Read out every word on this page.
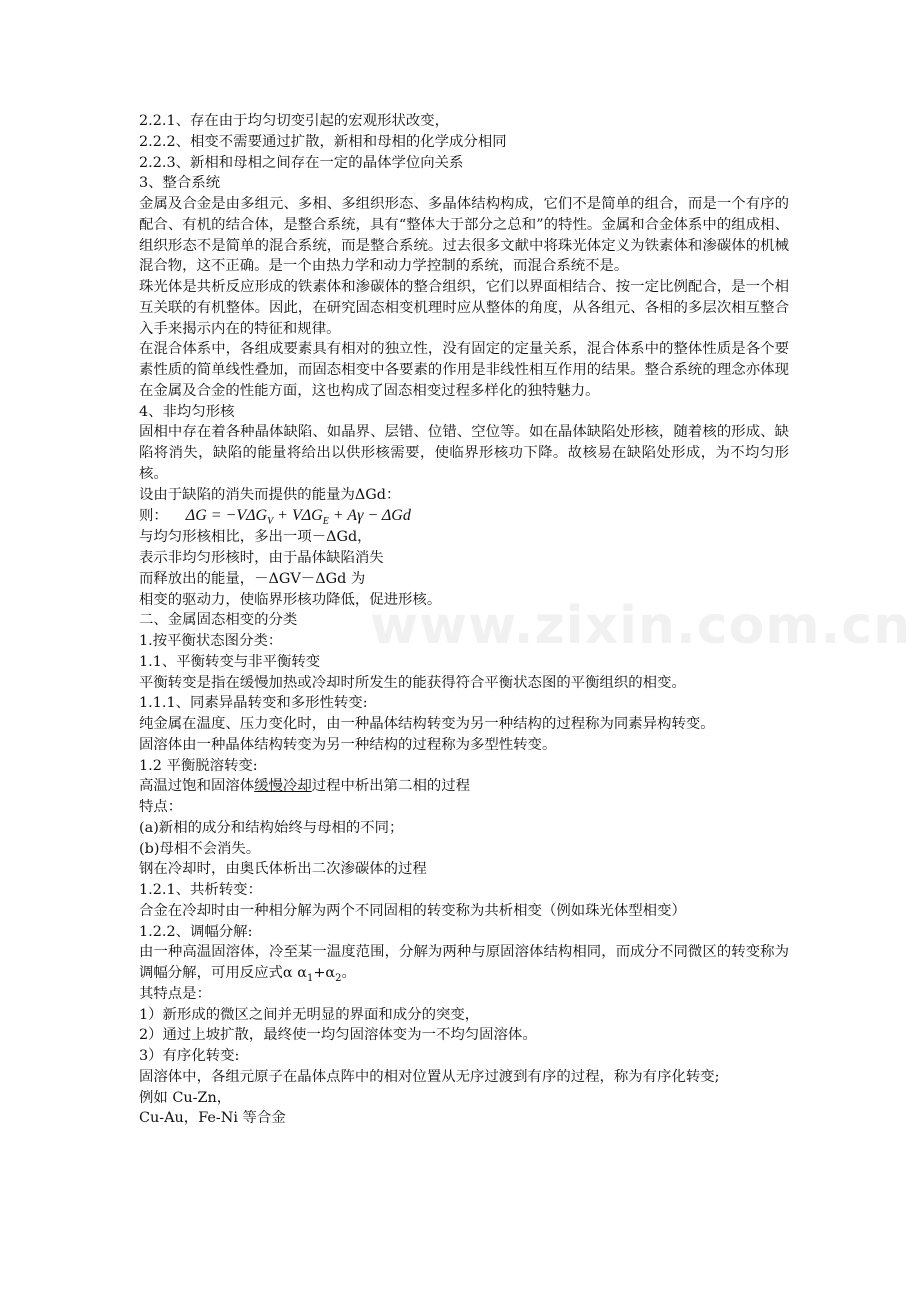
www.zixin.com.cn
2.2.1、存在由于均匀切变引起的宏观形状改变，
2.2.2、相变不需要通过扩散，新相和母相的化学成分相同
2.2.3、新相和母相之间存在一定的晶体学位向关系
3、整合系统
金属及合金是由多组元、多相、多组织形态、多晶体结构构成，它们不是简单的组合，而是一个有序的配合、有机的结合体，是整合系统，具有“整体大于部分之总和”的特性。金属和合金体系中的组成相、组织形态不是简单的混合系统，而是整合系统。过去很多文献中将珠光体定义为铁素体和渗碳体的机械混合物，这不正确。是一个由热力学和动力学控制的系统，而混合系统不是。
珠光体是共析反应形成的铁素体和渗碳体的整合组织，它们以界面相结合、按一定比例配合，是一个相互关联的有机整体。因此，在研究固态相变机理时应从整体的角度，从各组元、各相的多层次相互整合入手来揭示内在的特征和规律。
在混合体系中，各组成要素具有相对的独立性，没有固定的定量关系，混合体系中的整体性质是各个要素性质的简单线性叠加，而固态相变中各要素的作用是非线性相互作用的结果。整合系统的理念亦体现在金属及合金的性能方面，这也构成了固态相变过程多样化的独特魅力。
4、非均匀形核
固相中存在着各种晶体缺陷、如晶界、层错、位错、空位等。如在晶体缺陷处形核，随着核的形成、缺陷将消失，缺陷的能量将给出以供形核需要，使临界形核功下降。故核易在缺陷处形成，为不均匀形核。
设由于缺陷的消失而提供的能量为ΔGd：
则： $\Delta G = -V\Delta G_V + V\Delta G_E + A\gamma - \Delta Gd$
与均匀形核相比，多出一项－ΔGd，
表示非均匀形核时，由于晶体缺陷消失
而释放出的能量，－ΔGV－ΔGd 为
相变的驱动力，使临界形核功降低，促进形核。
二、金属固态相变的分类
1.按平衡状态图分类：
1.1、平衡转变与非平衡转变
平衡转变是指在缓慢加热或冷却时所发生的能获得符合平衡状态图的平衡组织的相变。
1.1.1、同素异晶转变和多形性转变:
纯金属在温度、压力变化时，由一种晶体结构转变为另一种结构的过程称为同素异构转变。
固溶体由一种晶体结构转变为另一种结构的过程称为多型性转变。
1.2 平衡脱溶转变:
高温过饱和固溶体缓慢冷却过程中析出第二相的过程
特点：
(a)新相的成分和结构始终与母相的不同；
(b)母相不会消失。
钢在冷却时，由奥氏体析出二次渗碳体的过程
1.2.1、共析转变：
合金在冷却时由一种相分解为两个不同固相的转变称为共析相变（例如珠光体型相变）
1.2.2、调幅分解:
由一种高温固溶体，冷至某一温度范围，分解为两种与原固溶体结构相同，而成分不同微区的转变称为调幅分解，可用反应式α $\alpha_1+\alpha_2$。
其特点是：
1）新形成的微区之间并无明显的界面和成分的突变，
2）通过上坡扩散，最终使一均匀固溶体变为一不均匀固溶体。
3）有序化转变:
固溶体中，各组元原子在晶体点阵中的相对位置从无序过渡到有序的过程，称为有序化转变;
例如 Cu-Zn，
Cu-Au，Fe-Ni 等合金
